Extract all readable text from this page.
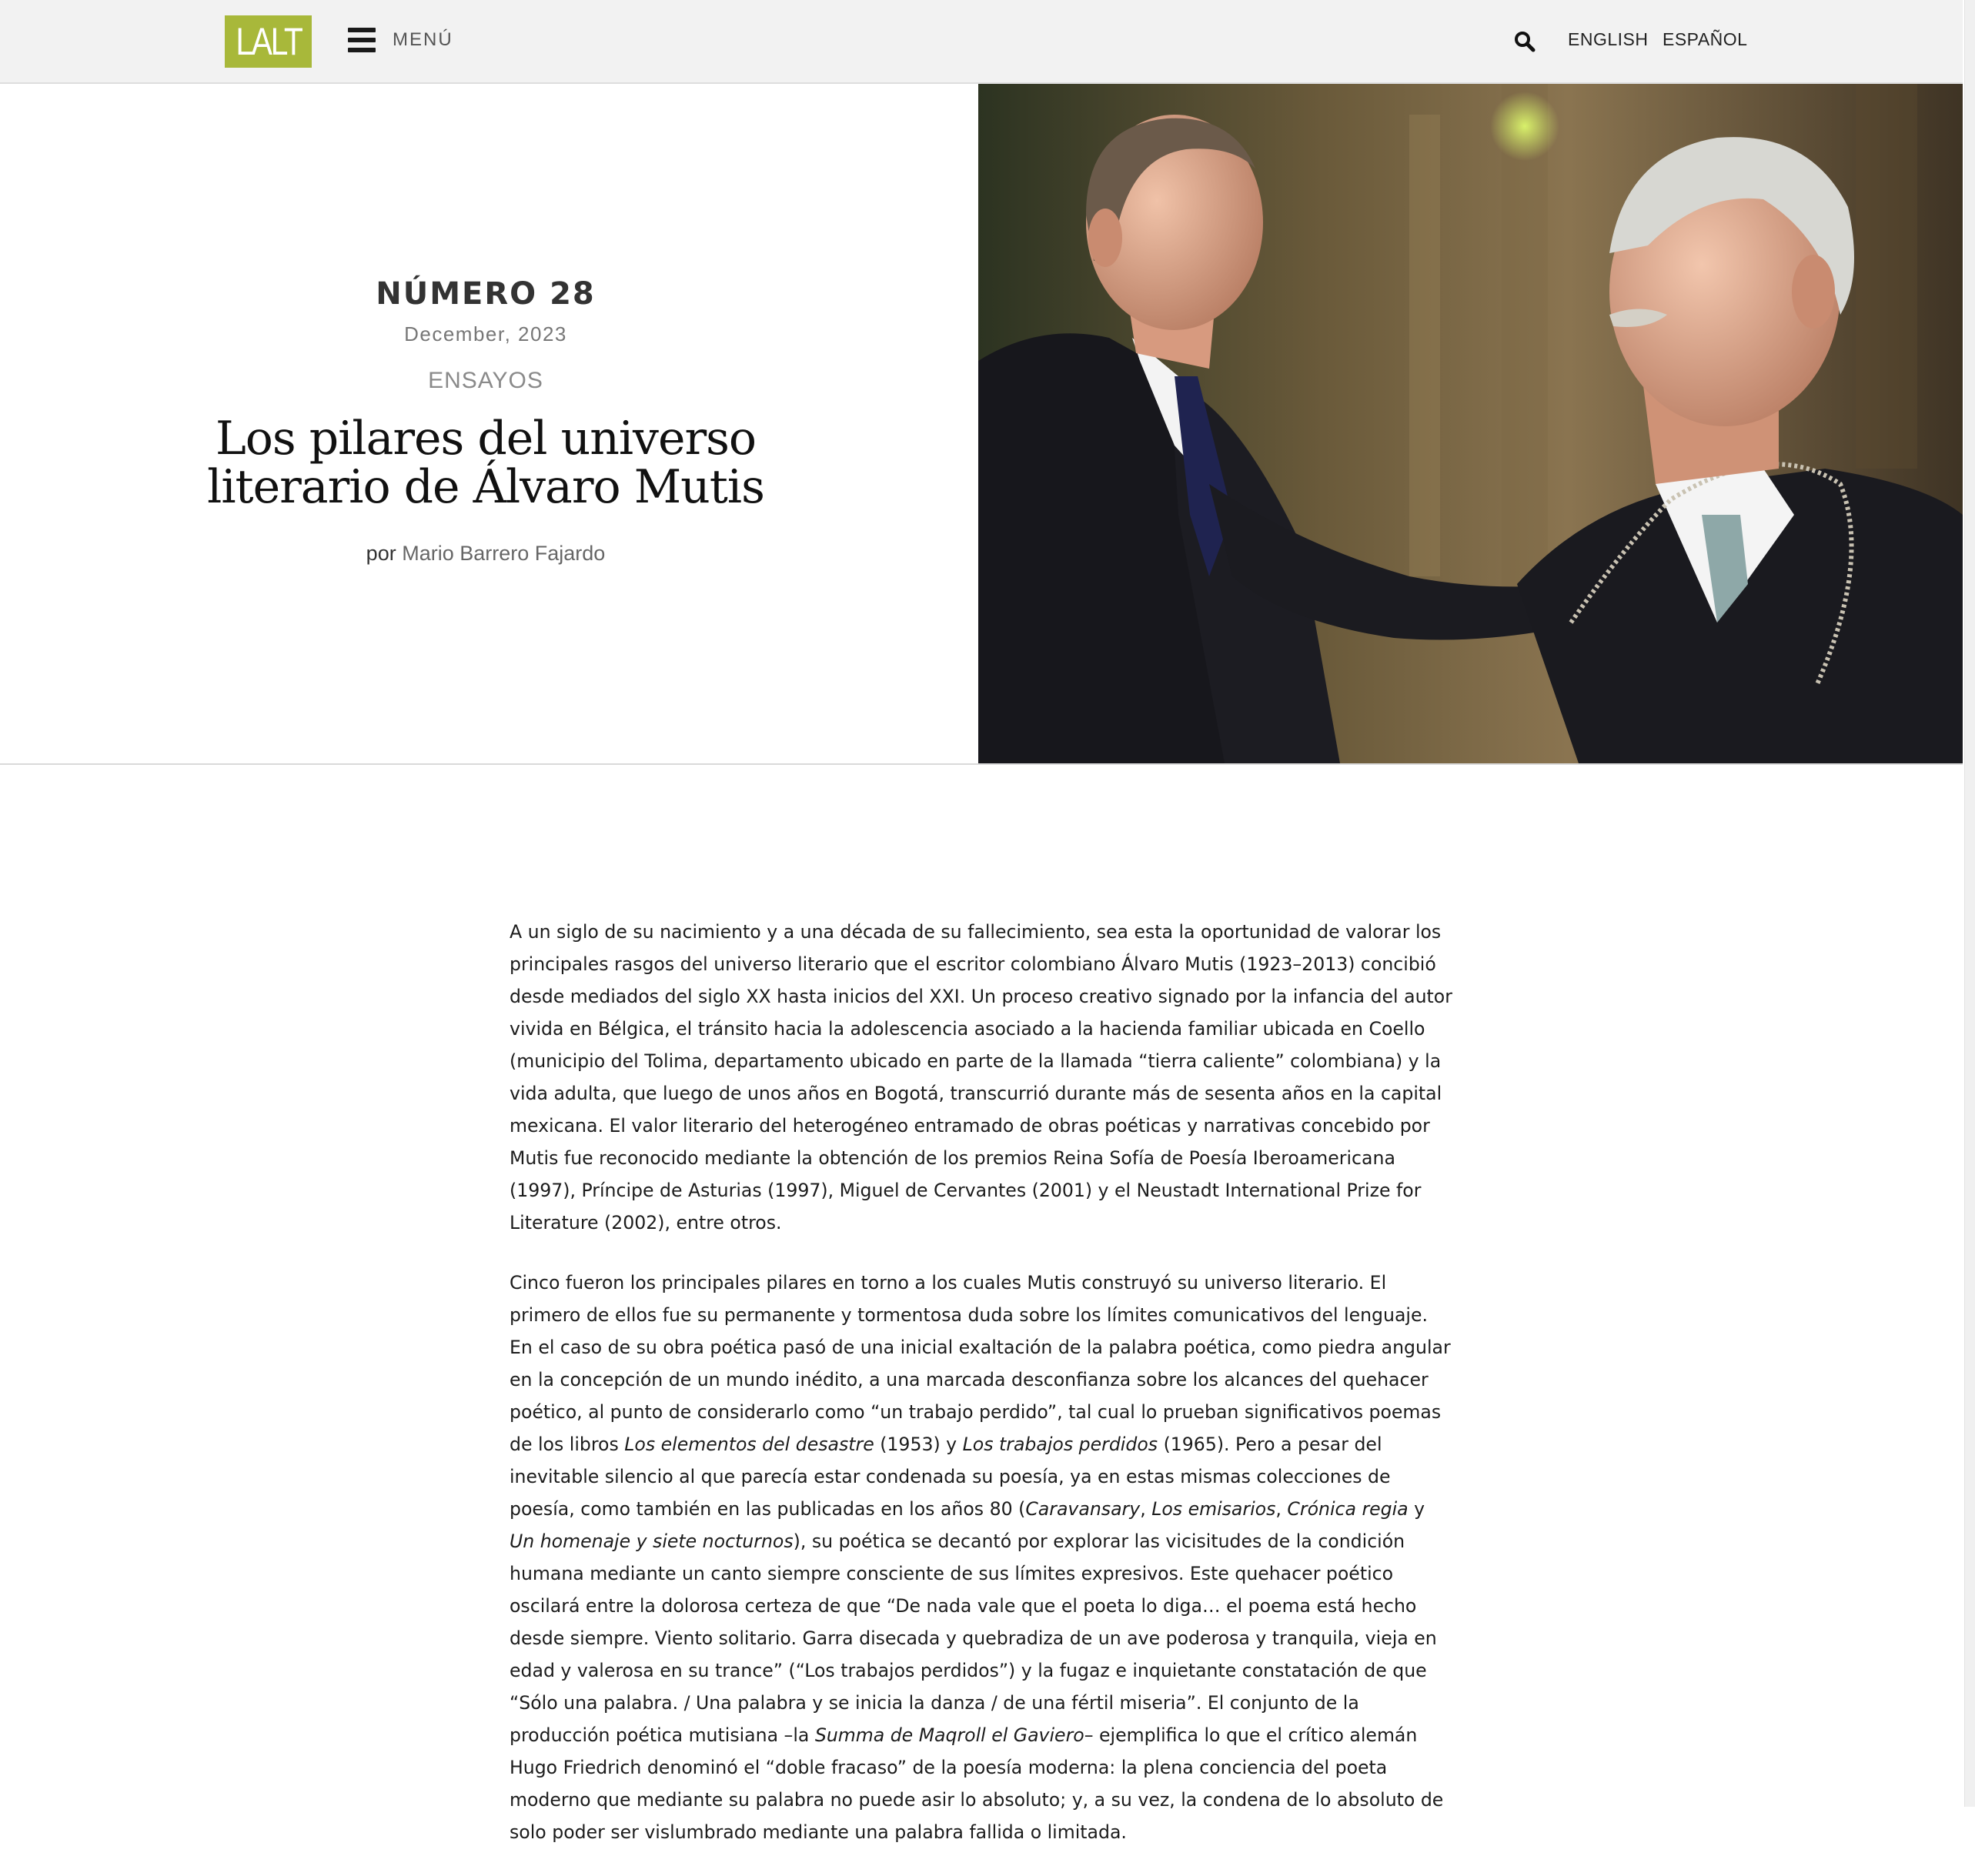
LALT	MENÚ	ENGLISH ESPAÑOL
NÚMERO 28
December, 2023
ENSAYOS
Los pilares del universo literario de Álvaro Mutis
por Mario Barrero Fajardo

A un siglo de su nacimiento y a una década de su fallecimiento, sea esta la oportunidad de valorar los principales rasgos del universo literario que el escritor colombiano Álvaro Mutis (1923–2013) concibió desde mediados del siglo XX hasta inicios del XXI. Un proceso creativo signado por la infancia del autor vivida en Bélgica, el tránsito hacia la adolescencia asociado a la hacienda familiar ubicada en Coello (municipio del Tolima, departamento ubicado en parte de la llamada “tierra caliente” colombiana) y la vida adulta, que luego de unos años en Bogotá, transcurrió durante más de sesenta años en la capital mexicana. El valor literario del heterogéneo entramado de obras poéticas y narrativas concebido por Mutis fue reconocido mediante la obtención de los premios Reina Sofía de Poesía Iberoamericana (1997), Príncipe de Asturias (1997), Miguel de Cervantes (2001) y el Neustadt International Prize for Literature (2002), entre otros.

Cinco fueron los principales pilares en torno a los cuales Mutis construyó su universo literario. El primero de ellos fue su permanente y tormentosa duda sobre los límites comunicativos del lenguaje. En el caso de su obra poética pasó de una inicial exaltación de la palabra poética, como piedra angular en la concepción de un mundo inédito, a una marcada desconfianza sobre los alcances del quehacer poético, al punto de considerarlo como “un trabajo perdido”, tal cual lo prueban significativos poemas de los libros Los elementos del desastre (1953) y Los trabajos perdidos (1965). Pero a pesar del inevitable silencio al que parecía estar condenada su poesía, ya en estas mismas colecciones de poesía, como también en las publicadas en los años 80 (Caravansary, Los emisarios, Crónica regia y Un homenaje y siete nocturnos), su poética se decantó por explorar las vicisitudes de la condición humana mediante un canto siempre consciente de sus límites expresivos. Este quehacer poético oscilará entre la dolorosa certeza de que “De nada vale que el poeta lo diga… el poema está hecho desde siempre. Viento solitario. Garra disecada y quebradiza de un ave poderosa y tranquila, vieja en edad y valerosa en su trance” (“Los trabajos perdidos”) y la fugaz e inquietante constatación de que “Sólo una palabra. / Una palabra y se inicia la danza / de una fértil miseria”. El conjunto de la producción poética mutisiana –la Summa de Maqroll el Gaviero– ejemplifica lo que el crítico alemán Hugo Friedrich denominó el “doble fracaso” de la poesía moderna: la plena conciencia del poeta moderno que mediante su palabra no puede asir lo absoluto; y, a su vez, la condena de lo absoluto de solo poder ser vislumbrado mediante una palabra fallida o limitada.
